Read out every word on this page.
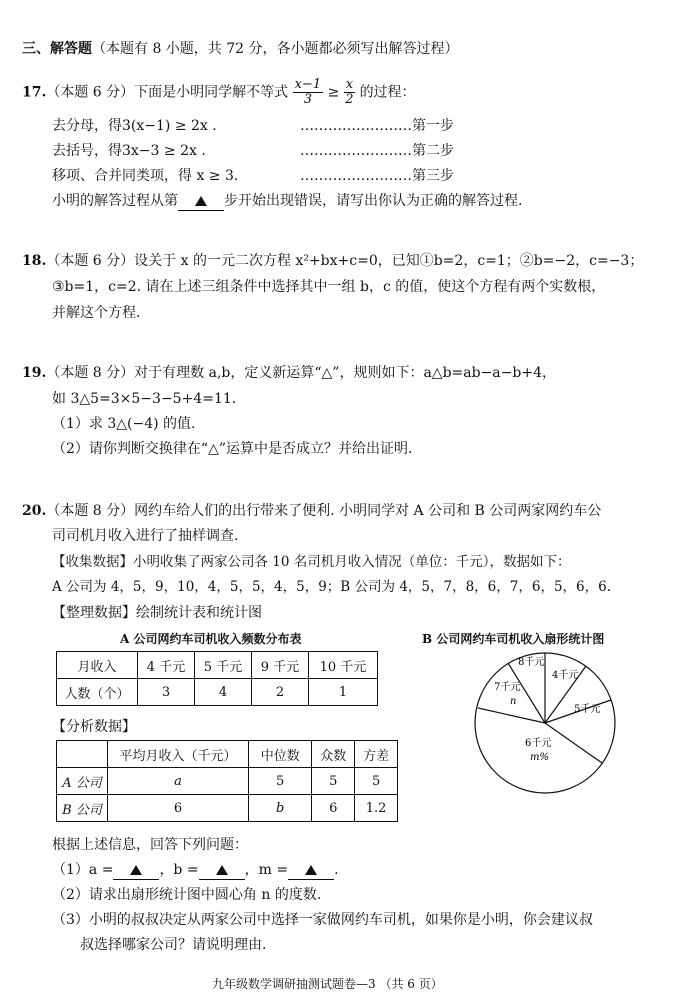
三、解答题（本题有 8 小题，共 72 分，各小题都必须写出解答过程）
17.（本题 6 分）下面是小明同学解不等式 $\frac{x-1}{3} \ge \frac{x}{2}$ 的过程：
去分母，得3(x−1) ≥ 2x .	……………………第一步
去括号，得3x−3 ≥ 2x .	……………………第二步
移项、合并同类项，得 x ≥ 3.	……………………第三步
小明的解答过程从第	步开始出现错误，请写出你认为正确的解答过程.
18.（本题 6 分）设关于 x 的一元二次方程 x²+bx+c=0，已知①b=2，c=1；②b=−2，c=−3；
③b=1，c=2. 请在上述三组条件中选择其中一组 b，c 的值，使这个方程有两个实数根，
并解这个方程.
19.（本题 8 分）对于有理数 a,b，定义新运算“△”，规则如下：a△b=ab−a−b+4，
如 3△5=3×5−3−5+4=11.
（1）求 3△(−4) 的值.
（2）请你判断交换律在“△”运算中是否成立？并给出证明.
20.（本题 8 分）网约车给人们的出行带来了便利. 小明同学对 A 公司和 B 公司两家网约车公
司司机月收入进行了抽样调查.
【收集数据】小明收集了两家公司各 10 名司机月收入情况（单位：千元），数据如下：
A 公司为 4，5，9，10，4，5，5，4，5，9；B 公司为 4，5，7，8，6，7，6，5，6，6.
【整理数据】绘制统计表和统计图
A 公司网约车司机收入频数分布表
月收入	4 千元	5 千元	9 千元	10 千元
人数（个）	3	4	2	1
B 公司网约车司机收入扇形统计图
8千元
4千元
5千元
6千元
m%
7千元
n
【分析数据】
	平均月收入（千元）	中位数	众数	方差
A 公司	a	5	5	5
B 公司	6	b	6	1.2
根据上述信息，回答下列问题：
（1）a =	，b =	，m =	.
（2）请求出扇形统计图中圆心角 n 的度数.
（3）小明的叔叔决定从两家公司中选择一家做网约车司机，如果你是小明，你会建议叔
叔选择哪家公司？请说明理由.
九年级数学调研抽测试题卷—3 （共 6 页）
